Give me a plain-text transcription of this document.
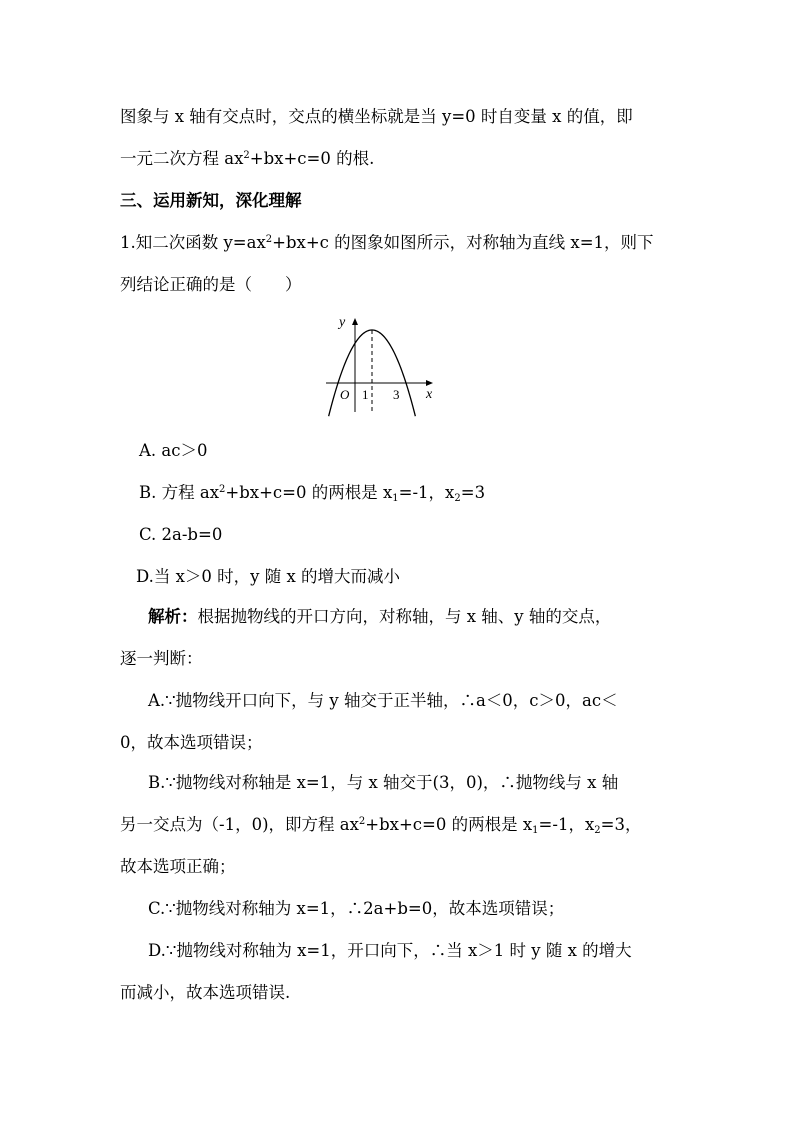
图象与 x 轴有交点时，交点的横坐标就是当 y=0 时自变量 x 的值，即
一元二次方程 $ax^2+bx+c=0$ 的根.
三、运用新知，深化理解
1.知二次函数 $y=ax^2+bx+c$ 的图象如图所示，对称轴为直线 x=1，则下
列结论正确的是（　　）
y
x
O 1 3
A. ac＞0
B. 方程 $ax^2+bx+c=0$ 的两根是 $x_1=-1$，$x_2=3$
C. 2a-b=0
D.当 x＞0 时，y 随 x 的增大而减小
解析：根据抛物线的开口方向，对称轴，与 x 轴、y 轴的交点，
逐一判断：
A.∵抛物线开口向下，与 y 轴交于正半轴，∴a＜0，c＞0，ac＜
0，故本选项错误；
B.∵抛物线对称轴是 x=1，与 x 轴交于(3，0)，∴抛物线与 x 轴
另一交点为（-1，0)，即方程 $ax^2+bx+c=0$ 的两根是 $x_1=-1$，$x_2=3$，
故本选项正确；
C.∵抛物线对称轴为 x=1，∴2a+b=0，故本选项错误；
D.∵抛物线对称轴为 x=1，开口向下，∴当 x＞1 时 y 随 x 的增大
而减小，故本选项错误.
